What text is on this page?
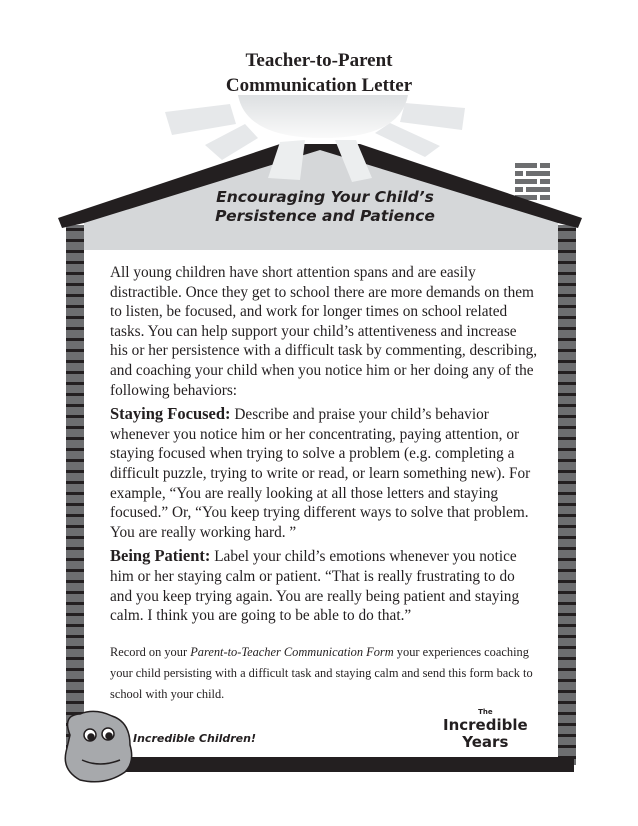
Teacher-to-Parent
Communication Letter
Encouraging Your Child’s
Persistence and Patience

All young children have short attention spans and are easily distractible. Once they get to school there are more demands on them to listen, be focused, and work for longer times on school related tasks. You can help support your child’s attentiveness and increase his or her persistence with a difficult task by commenting, describing, and coaching your child when you notice him or her doing any of the following behaviors:

Staying Focused: Describe and praise your child’s behavior whenever you notice him or her concentrating, paying attention, or staying focused when trying to solve a problem (e.g. completing a difficult puzzle, trying to write or read, or learn something new). For example, “You are really looking at all those letters and staying focused.” Or, “You keep trying different ways to solve that problem. You are really working hard. ”

Being Patient: Label your child’s emotions whenever you notice him or her staying calm or patient. “That is really frustrating to do and you keep trying again. You are really being patient and staying calm. I think you are going to be able to do that.”

Record on your Parent-to-Teacher Communication Form your experiences coaching your child persisting with a difficult task and staying calm and send this form back to school with your child.
Incredible Children!
The
Incredible
Years
